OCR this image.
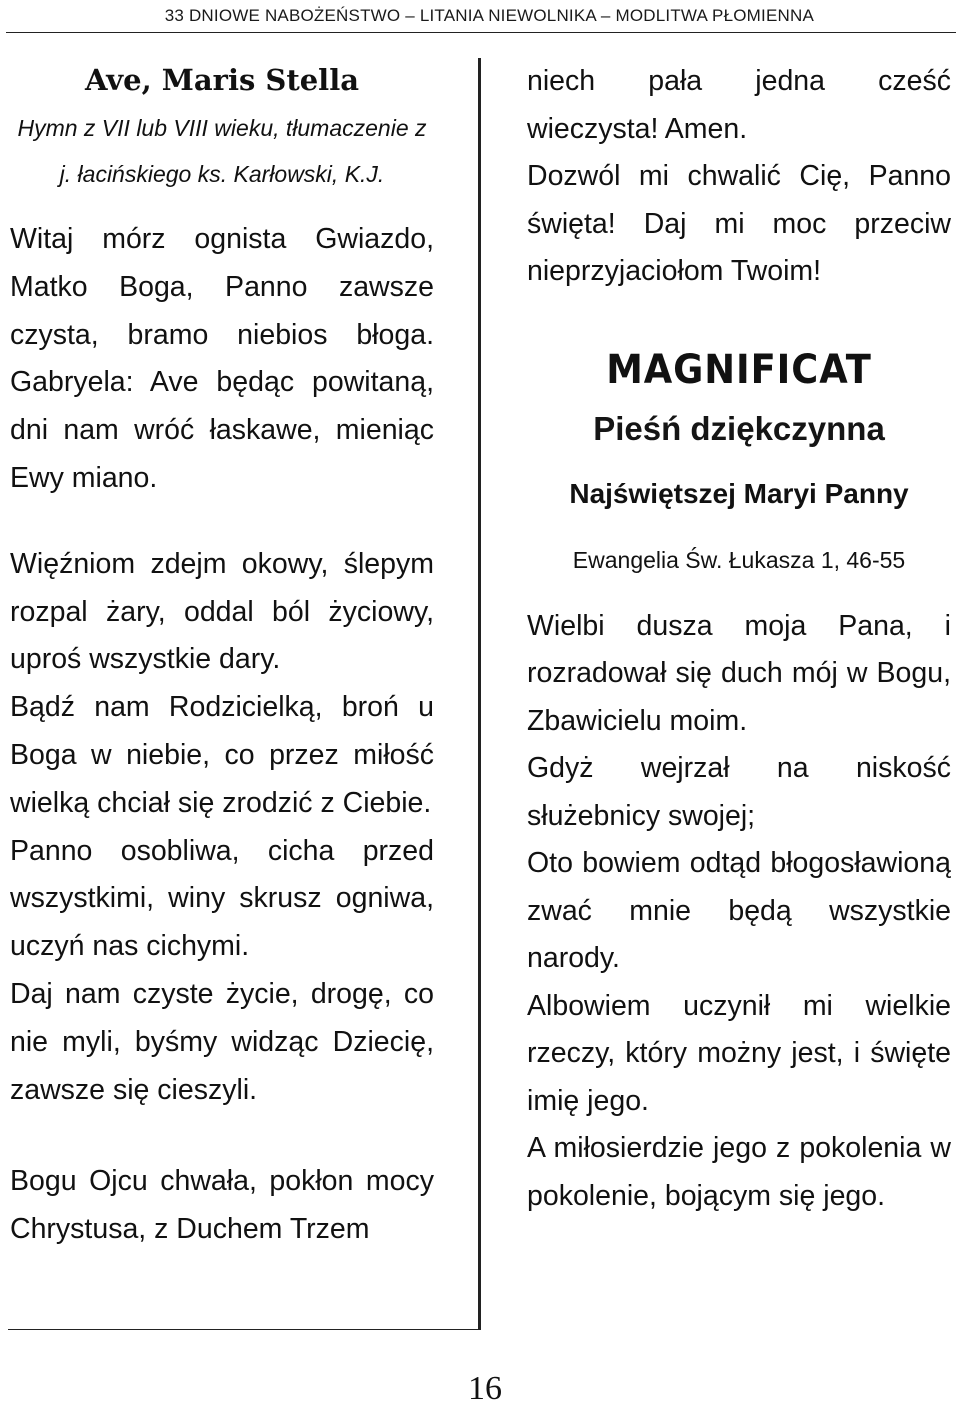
33 DNIOWE NABOŻEŃSTWO – LITANIA NIEWOLNIKA – MODLITWA PŁOMIENNA
Ave, Maris Stella

Hymn z VII lub VIII wieku, tłumaczenie z

j. łacińskiego ks. Karłowski, K.J.

Witaj mórz ognista Gwiazdo, Matko Boga, Panno zawsze czysta, bramo niebios błoga. Gabryela: Ave będąc powitaną, dni nam wróć łaskawe, mieniąc Ewy miano.

Więźniom zdejm okowy, ślepym rozpal żary, oddal ból życiowy, uproś wszystkie dary.

Bądź nam Rodzicielką, broń u Boga w niebie, co przez miłość wielką chciał się zrodzić z Ciebie.

Panno osobliwa, cicha przed wszystkimi, winy skrusz ogniwa, uczyń nas cichymi.

Daj nam czyste życie, drogę, co nie myli, byśmy widząc Dziecię, zawsze się cieszyli.

Bogu Ojcu chwała, pokłon mocy Chrystusa, z Duchem Trzem

niech pała jedna cześć wieczysta! Amen.

Dozwól mi chwalić Cię, Panno święta! Daj mi moc przeciw nieprzyjaciołom Twoim!

MAGNIFICAT

Pieśń dziękczynna

Najświętszej Maryi Panny

Ewangelia Św. Łukasza 1, 46-55

Wielbi dusza moja Pana, i rozradował się duch mój w Bogu, Zbawicielu moim.

Gdyż wejrzał na niskość służebnicy swojej;

Oto bowiem odtąd błogosławioną zwać mnie będą wszystkie narody.

Albowiem uczynił mi wielkie rzeczy, który możny jest, i święte imię jego.

A miłosierdzie jego z pokolenia w pokolenie, bojącym się jego.

16
